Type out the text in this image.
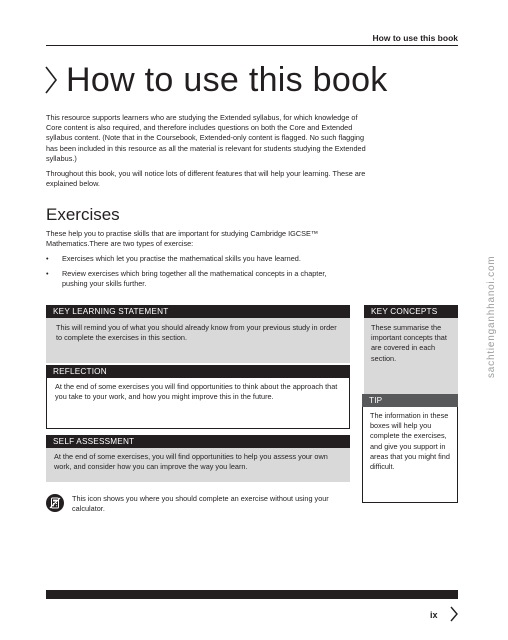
How to use this book
How to use this book

This resource supports learners who are studying the Extended syllabus, for which knowledge of Core content is also required, and therefore includes questions on both the Core and Extended syllabus content. (Note that in the Coursebook, Extended-only content is flagged. No such flagging has been included in this resource as all the material is relevant for students studying the Extended syllabus.)

Throughout this book, you will notice lots of different features that will help your learning. These are explained below.

Exercises

These help you to practise skills that are important for studying Cambridge IGCSE™ Mathematics.There are two types of exercise:

• Exercises which let you practise the mathematical skills you have learned.
• Review exercises which bring together all the mathematical concepts in a chapter, pushing your skills further.
KEY LEARNING STATEMENT
This will remind you of what you should already know from your previous study in order to complete the exercises in this section.
REFLECTION
At the end of some exercises you will find opportunities to think about the approach that you take to your work, and how you might improve this in the future.
SELF ASSESSMENT
At the end of some exercises, you will find opportunities to help you assess your own work, and consider how you can improve the way you learn.
KEY CONCEPTS
These summarise the important concepts that are covered in each section.
TIP
The information in these boxes will help you complete the exercises, and give you support in areas that you might find difficult.
This icon shows you where you should complete an exercise without using your calculator.
ix
sachtienganhhanoi.com
